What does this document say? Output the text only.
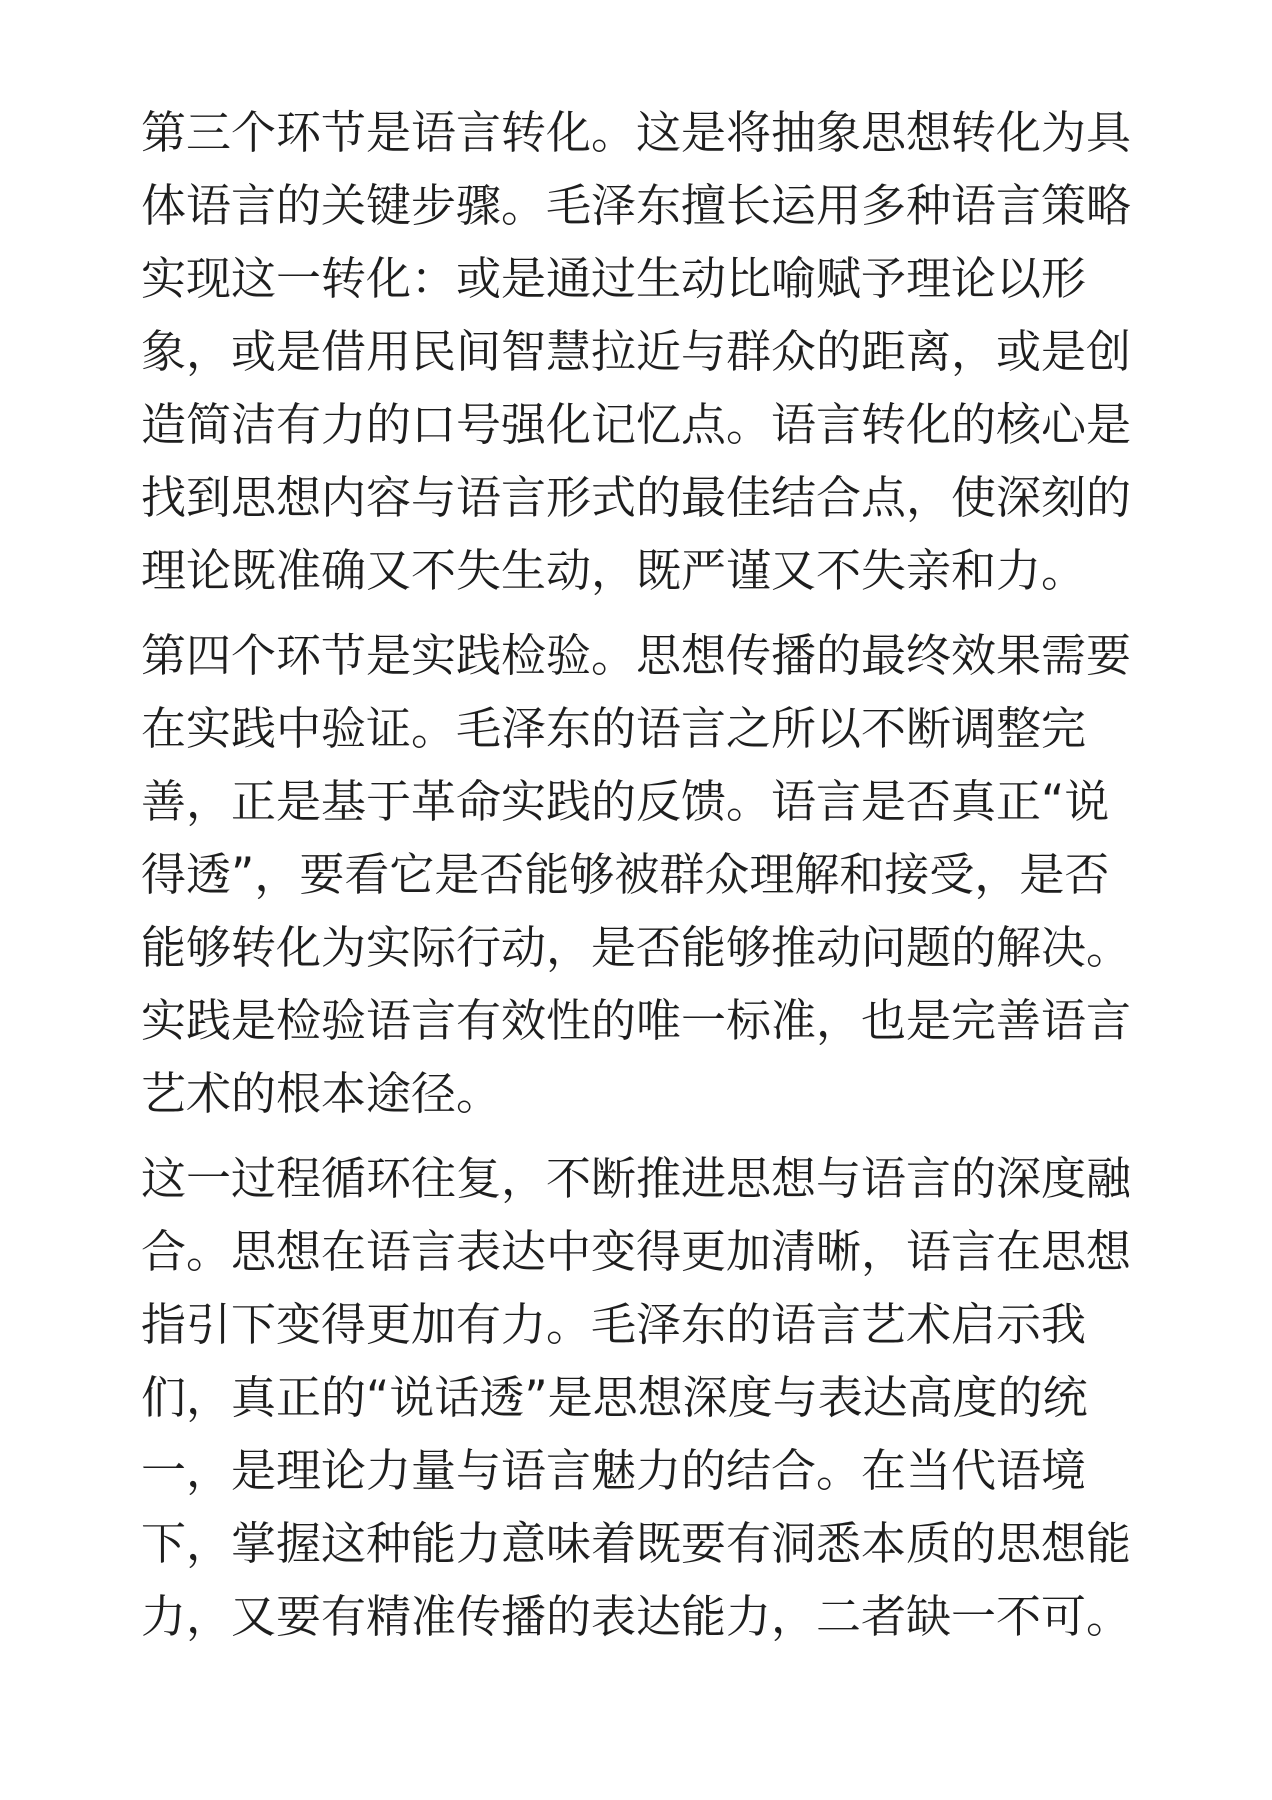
第三个环节是语言转化。这是将抽象思想转化为具
体语言的关键步骤。毛泽东擅长运用多种语言策略
实现这一转化：或是通过生动比喻赋予理论以形
象，或是借用民间智慧拉近与群众的距离，或是创
造简洁有力的口号强化记忆点。语言转化的核心是
找到思想内容与语言形式的最佳结合点，使深刻的
理论既准确又不失生动，既严谨又不失亲和力。
第四个环节是实践检验。思想传播的最终效果需要
在实践中验证。毛泽东的语言之所以不断调整完
善，正是基于革命实践的反馈。语言是否真正“说
得透”，要看它是否能够被群众理解和接受，是否
能够转化为实际行动，是否能够推动问题的解决。
实践是检验语言有效性的唯一标准，也是完善语言
艺术的根本途径。
这一过程循环往复，不断推进思想与语言的深度融
合。思想在语言表达中变得更加清晰，语言在思想
指引下变得更加有力。毛泽东的语言艺术启示我
们，真正的“说话透”是思想深度与表达高度的统
一，是理论力量与语言魅力的结合。在当代语境
下，掌握这种能力意味着既要有洞悉本质的思想能
力，又要有精准传播的表达能力，二者缺一不可。
